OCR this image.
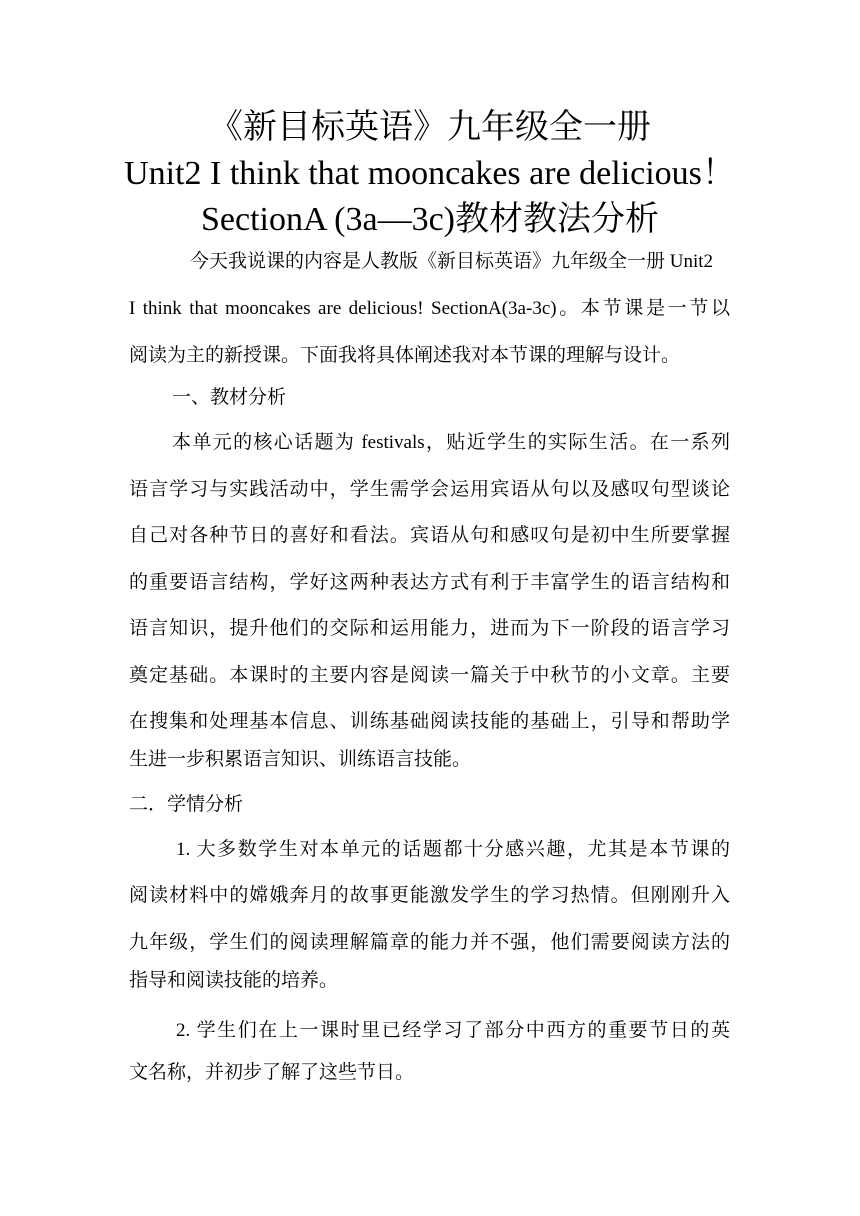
《新目标英语》九年级全一册
Unit2 I think that mooncakes are delicious！
SectionA (3a—3c)教材教法分析
今天我说课的内容是人教版《新目标英语》九年级全一册 Unit2
I think that mooncakes are delicious! SectionA(3a-3c)。本节课是一节以
阅读为主的新授课。下面我将具体阐述我对本节课的理解与设计。
一、教材分析
本单元的核心话题为 festivals，贴近学生的实际生活。在一系列
语言学习与实践活动中，学生需学会运用宾语从句以及感叹句型谈论
自己对各种节日的喜好和看法。宾语从句和感叹句是初中生所要掌握
的重要语言结构，学好这两种表达方式有利于丰富学生的语言结构和
语言知识，提升他们的交际和运用能力，进而为下一阶段的语言学习
奠定基础。本课时的主要内容是阅读一篇关于中秋节的小文章。主要
在搜集和处理基本信息、训练基础阅读技能的基础上，引导和帮助学
生进一步积累语言知识、训练语言技能。
二．学情分析
1. 大多数学生对本单元的话题都十分感兴趣，尤其是本节课的
阅读材料中的嫦娥奔月的故事更能激发学生的学习热情。但刚刚升入
九年级，学生们的阅读理解篇章的能力并不强，他们需要阅读方法的
指导和阅读技能的培养。
2. 学生们在上一课时里已经学习了部分中西方的重要节日的英
文名称，并初步了解了这些节日。
